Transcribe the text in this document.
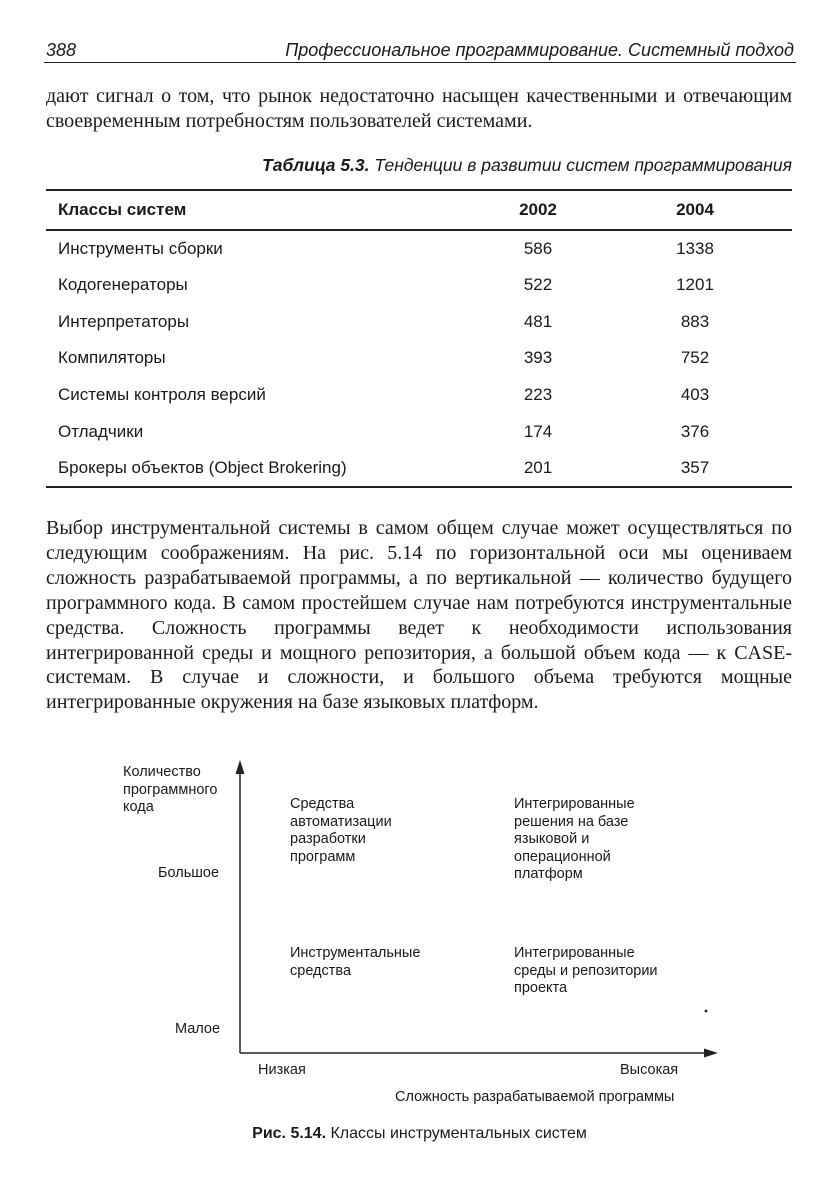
388	Профессиональное программирование. Системный подход

дают сигнал о том, что рынок недостаточно насыщен качественными и отвечающим своевременным потребностям пользователей системами.

Таблица 5.3. Тенденции в развитии систем программирования
Классы систем	2002	2004
Инструменты сборки	586	1338
Кодогенераторы	522	1201
Интерпретаторы	481	883
Компиляторы	393	752
Системы контроля версий	223	403
Отладчики	174	376
Брокеры объектов (Object Brokering)	201	357

Выбор инструментальной системы в самом общем случае может осуществляться по следующим соображениям. На рис. 5.14 по горизонтальной оси мы оцениваем сложность разрабатываемой программы, а по вертикальной — количество будущего программного кода. В самом простейшем случае нам потребуются инструментальные средства. Сложность программы ведет к необходимости использования интегрированной среды и мощного репозитория, а большой объем кода — к CASE-системам. В случае и сложности, и большого объема требуются мощные интегрированные окружения на базе языковых платформ.

Количество программного кода
Большое
Малое
Средства автоматизации разработки программ
Интегрированные решения на базе языковой и операционной платформ
Инструментальные средства
Интегрированные среды и репозитории проекта
Низкая	Высокая
Сложность разрабатываемой программы
Рис. 5.14. Классы инструментальных систем
